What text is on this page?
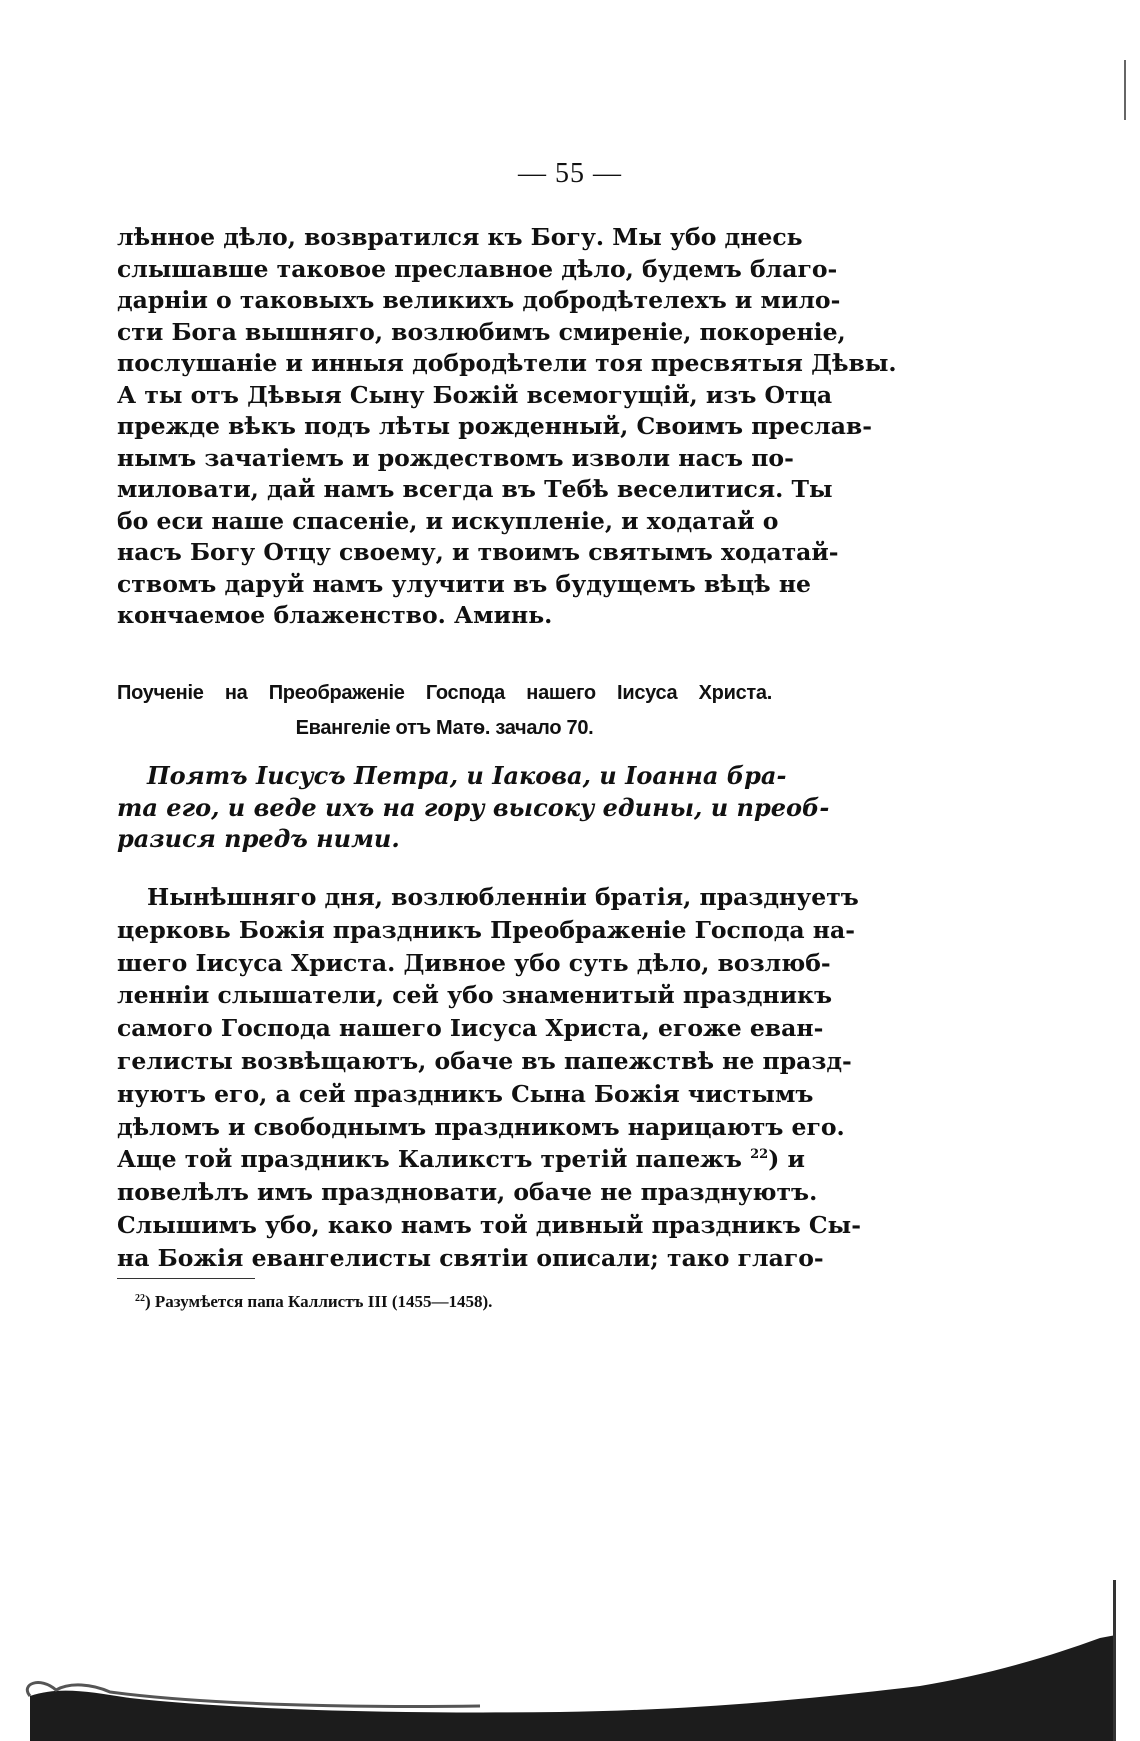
— 55 —
лѣнное дѣло, возвратился къ Богу. Мы убо днесь
слышавше таковое преславное дѣло, будемъ благо-
дарніи о таковыхъ великихъ добродѣтелехъ и мило-
сти Бога вышняго, возлюбимъ смиреніе, покореніе,
послушаніе и инныя добродѣтели тоя пресвятыя Дѣвы.
А ты отъ Дѣвыя Сыну Божій всемогущій, изъ Отца
прежде вѣкъ подъ лѣты рожденный, Своимъ преслав-
нымъ зачатіемъ и рождествомъ изволи насъ по-
миловати, дай намъ всегда въ Тебѣ веселитися. Ты
бо еси наше спасеніе, и искупленіе, и ходатай о
насъ Богу Отцу своему, и твоимъ святымъ ходатай-
ствомъ даруй намъ улучити въ будущемъ вѣцѣ не
кончаемое блаженство. Аминь.
Поученіе на Преображеніе Господа нашего Іисуса Христа.
Евангеліе отъ Матѳ. зачало 70.
Поятъ Іисусъ Петра, и Іакова, и Іоанна бра-
та его, и веде ихъ на гору высоку едины, и преоб-
разися предъ ними.
Нынѣшняго дня, возлюбленніи братія, празднуетъ
церковь Божія праздникъ Преображеніе Господа на-
шего Іисуса Христа. Дивное убо суть дѣло, возлюб-
ленніи слышатели, сей убо знаменитый праздникъ
самого Господа нашего Іисуса Христа, егоже еван-
гелисты возвѣщаютъ, обаче въ папежствѣ не празд-
нуютъ его, а сей праздникъ Сына Божія чистымъ
дѣломъ и свободнымъ праздникомъ нарицаютъ его.
Аще той праздникъ Каликстъ третій папежъ $^{22}$) и
повелѣлъ имъ праздновати, обаче не празднуютъ.
Слышимъ убо, како намъ той дивный праздникъ Сы-
на Божія евангелисты святіи описали; тако глаго-
$^{22}$) Разумѣется папа Каллистъ III (1455—1458).
